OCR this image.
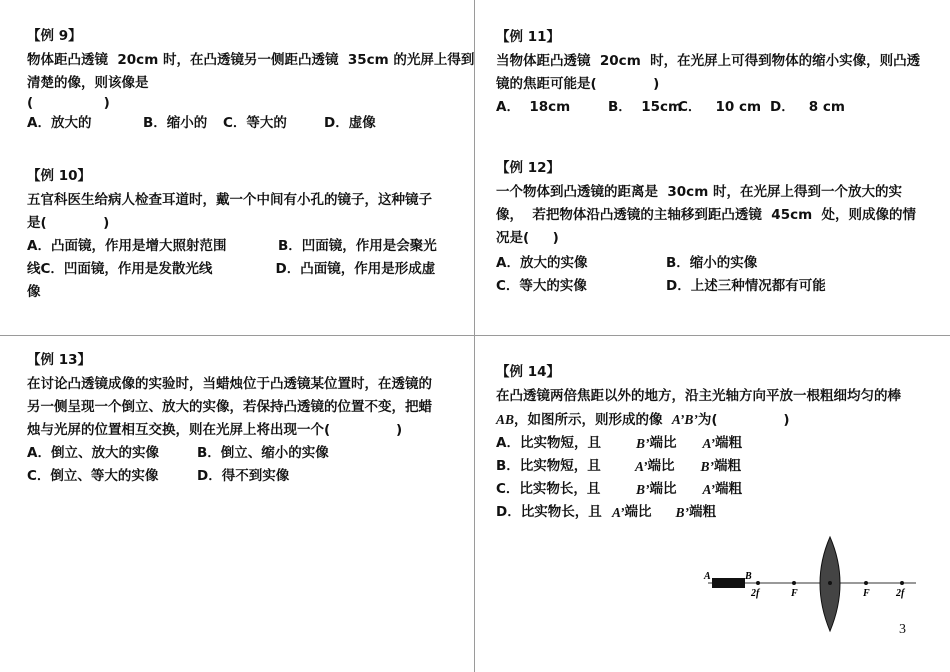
【例 9】
物体距凸透镜  20cm 时，在凸透镜另一侧距凸透镜  35cm 的光屏上得到
清楚的像，则该像是
(               )
A．放大的	B．缩小的	C．等大的	D．虚像
【例 10】
五官科医生给病人检查耳道时，戴一个中间有小孔的镜子，这种镜子
是(            )
A．凸面镜，作用是增大照射范围	B．凹面镜，作用是会聚光
线 C．凹面镜，作用是发散光线	D．凸面镜，作用是形成虚
像
【例 11】
当物体距凸透镜  20cm  时，在光屏上可得到物体的缩小实像，则凸透
镜的焦距可能是(            )
A．  18cm	B．  15cm
C．   10 cm D．   8 cm
【例 12】
一个物体到凸透镜的距离是  30cm 时，在光屏上得到一个放大的实
像，  若把物体沿凸透镜的主轴移到距凸透镜  45cm  处，则成像的情
况是(     )
A．放大的实像	B．缩小的实像
C．等大的实像	D．上述三种情况都有可能
【例 13】
在讨论凸透镜成像的实验时，当蜡烛位于凸透镜某位置时，在透镜的
另一侧呈现一个倒立、放大的实像，若保持凸透镜的位置不变，把蜡
烛与光屏的位置相互交换，则在光屏上将出现一个(              )
A．倒立、放大的实像	B．倒立、缩小的实像
C．倒立、等大的实像	D．得不到实像
【例 14】
在凸透镜两倍焦距以外的地方，沿主光轴方向平放一根粗细均匀的棒
AB，如图所示，则形成的像  A’B’为(              )
A．比实物短，且	B’ 端比	A’ 端粗
B．比实物短，且	A’ 端比	B’ 端粗
C．比实物长，且	B’ 端比	A’ 端粗
D．比实物长，且 A’ 端比	B’ 端粗
A	B
2f	F	F	2f
3
